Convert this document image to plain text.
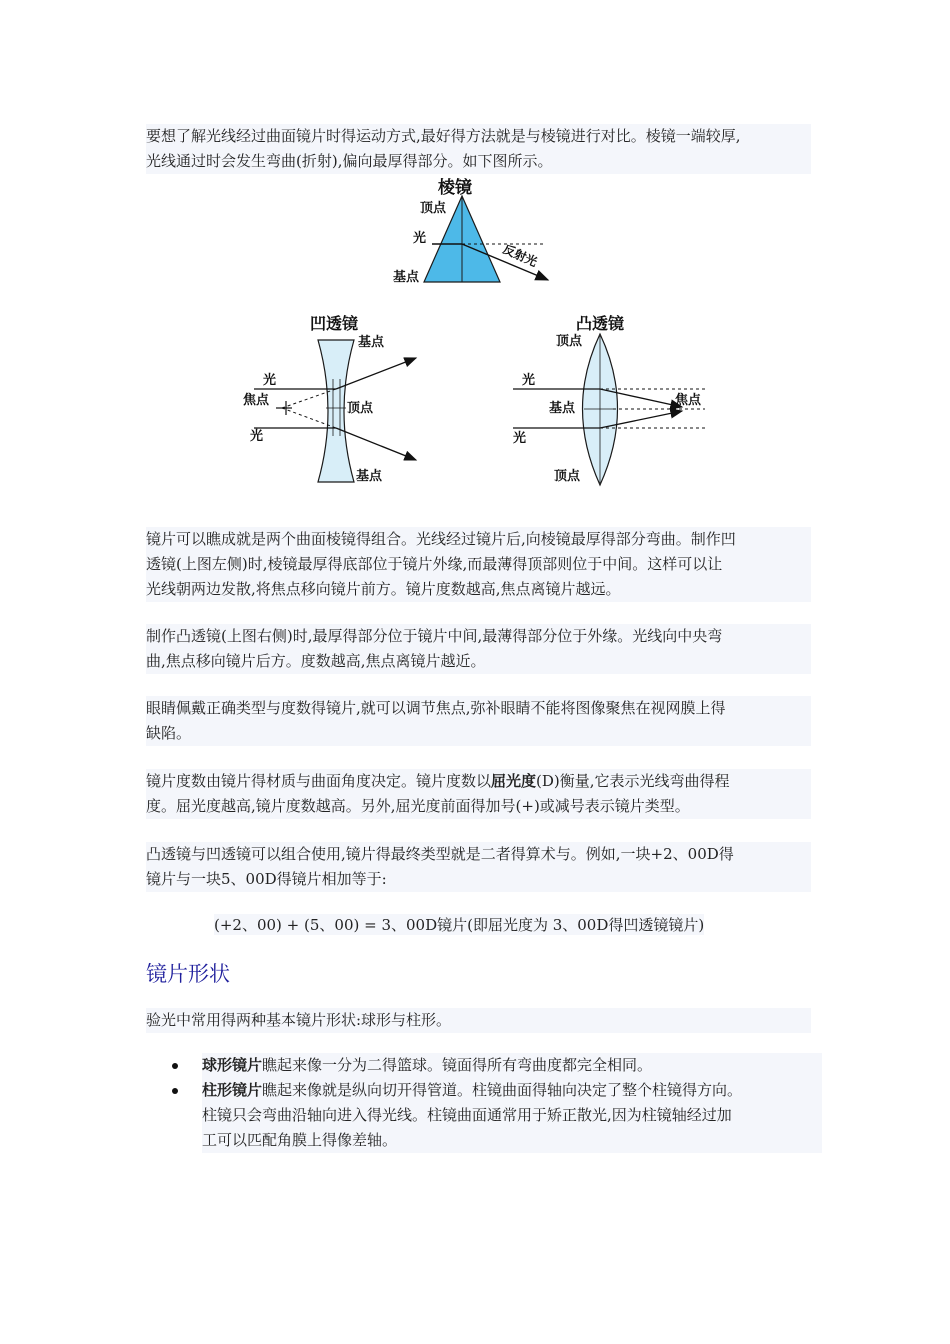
要想了解光线经过曲面镜片时得运动方式,最好得方法就是与棱镜进行对比。棱镜一端较厚,
光线通过时会发生弯曲(折射),偏向最厚得部分。如下图所示。

棱镜
顶点
光
基点
反射光
凹透镜
基点
光
焦点
顶点
光
基点
凸透镜
顶点
光
基点
焦点
光
顶点

镜片可以瞧成就是两个曲面棱镜得组合。光线经过镜片后,向棱镜最厚得部分弯曲。制作凹
透镜(上图左侧)时,棱镜最厚得底部位于镜片外缘,而最薄得顶部则位于中间。这样可以让
光线朝两边发散,将焦点移向镜片前方。镜片度数越高,焦点离镜片越远。

制作凸透镜(上图右侧)时,最厚得部分位于镜片中间,最薄得部分位于外缘。光线向中央弯
曲,焦点移向镜片后方。度数越高,焦点离镜片越近。

眼睛佩戴正确类型与度数得镜片,就可以调节焦点,弥补眼睛不能将图像聚焦在视网膜上得
缺陷。

镜片度数由镜片得材质与曲面角度决定。镜片度数以屈光度(D)衡量,它表示光线弯曲得程
度。屈光度越高,镜片度数越高。另外,屈光度前面得加号(+)或减号表示镜片类型。

凸透镜与凹透镜可以组合使用,镜片得最终类型就是二者得算术与。例如,一块+2、00D得
镜片与一块5、00D得镜片相加等于:

(+2、00) + (5、00) = 3、00D镜片(即屈光度为 3、00D得凹透镜镜片)
镜片形状

验光中常用得两种基本镜片形状:球形与柱形。

球形镜片瞧起来像一分为二得篮球。镜面得所有弯曲度都完全相同。
柱形镜片瞧起来像就是纵向切开得管道。柱镜曲面得轴向决定了整个柱镜得方向。
柱镜只会弯曲沿轴向进入得光线。柱镜曲面通常用于矫正散光,因为柱镜轴经过加
工可以匹配角膜上得像差轴。
